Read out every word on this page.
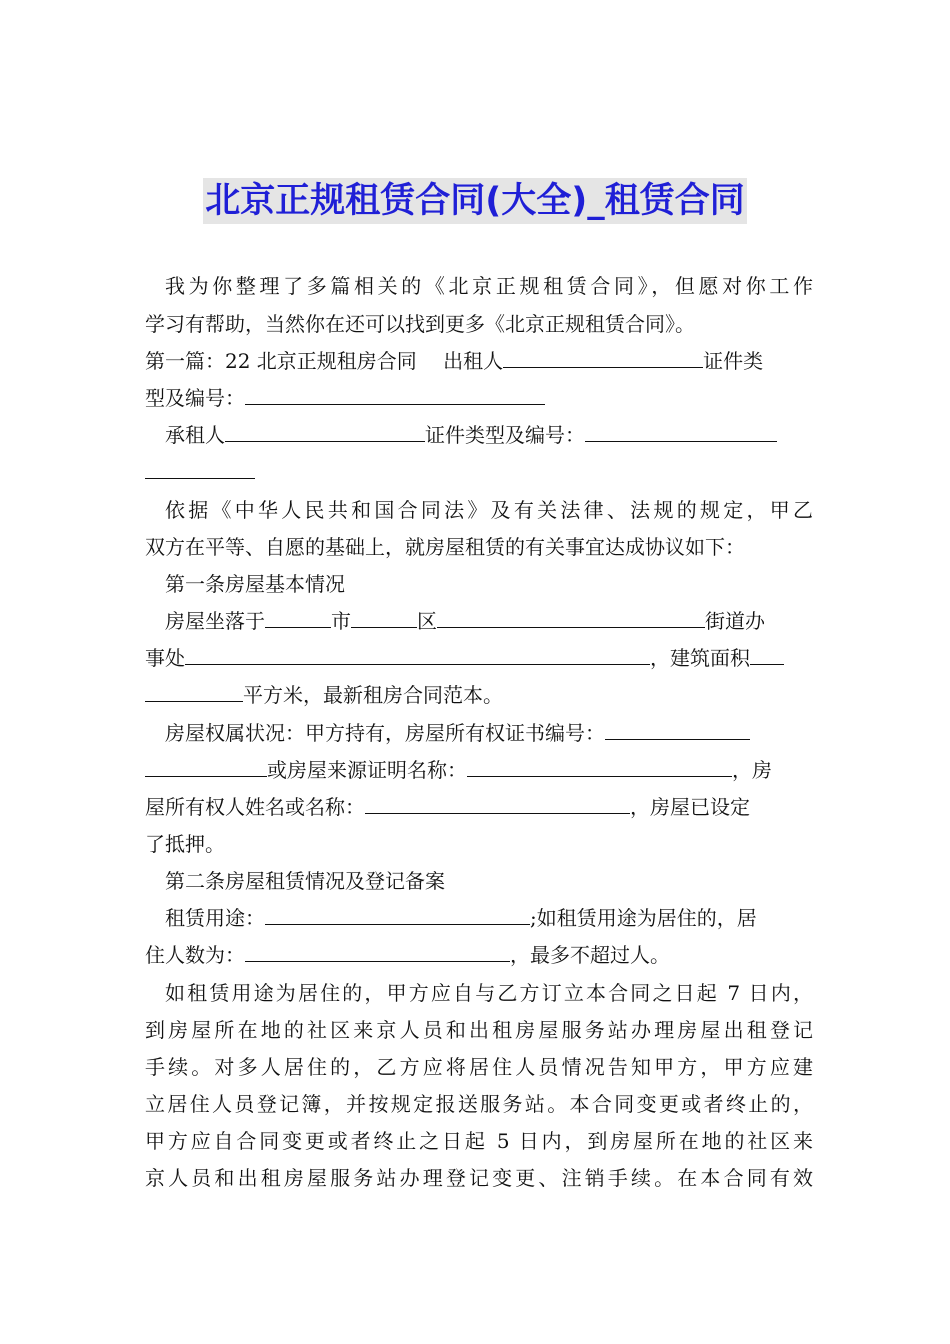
北京正规租赁合同(大全)_租赁合同
我为你整理了多篇相关的《北京正规租赁合同》，但愿对你工作
学习有帮助，当然你在还可以找到更多《北京正规租赁合同》。
第一篇：22 北京正规租房合同　 出租人	证件类
型及编号：
承租人	证件类型及编号：
依据《中华人民共和国合同法》及有关法律、法规的规定，甲乙
双方在平等、自愿的基础上，就房屋租赁的有关事宜达成协议如下：
第一条房屋基本情况
房屋坐落于	市	区	街道办
事处	，建筑面积
平方米，最新租房合同范本。
房屋权属状况：甲方持有，房屋所有权证书编号：
或房屋来源证明名称：	，房
屋所有权人姓名或名称：	，房屋已设定
了抵押。
第二条房屋租赁情况及登记备案
租赁用途：	;如租赁用途为居住的，居
住人数为：	，最多不超过人。
如租赁用途为居住的，甲方应自与乙方订立本合同之日起 7 日内，
到房屋所在地的社区来京人员和出租房屋服务站办理房屋出租登记
手续。对多人居住的，乙方应将居住人员情况告知甲方，甲方应建
立居住人员登记簿，并按规定报送服务站。本合同变更或者终止的，
甲方应自合同变更或者终止之日起 5 日内，到房屋所在地的社区来
京人员和出租房屋服务站办理登记变更、注销手续。在本合同有效
